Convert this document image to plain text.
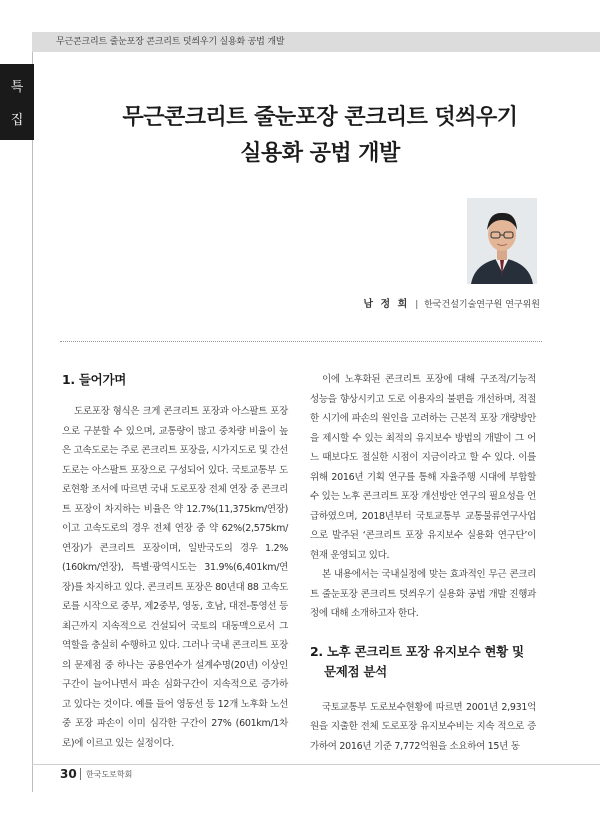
무근콘크리트 줄눈포장 콘크리트 덧씌우기 실용화 공법 개발
특
집	무근콘크리트 줄눈포장 콘크리트 덧씌우기
실용화 공법 개발
남 정 희 | 한국건설기술연구원 연구위원
1. 들어가며

도로포장 형식은 크게 콘크리트 포장과 아스팔트 포장으로 구분할 수 있으며, 교통량이 많고 중차량 비율이 높은 고속도로는 주로 콘크리트 포장을, 시가지도로 및 간선도로는 아스팔트 포장으로 구성되어 있다. 국토교통부 도로현황 조서에 따르면 국내 도로포장 전체 연장 중 콘크리트 포장이 차지하는 비율은 약 12.7%(11,375km/연장)이고 고속도로의 경우 전체 연장 중 약 62%(2,575km/연장)가 콘크리트 포장이며, 일반국도의 경우 1.2%(160km/연장), 특별·광역시도는 31.9%(6,401km/연장)를 차지하고 있다. 콘크리트 포장은 80년대 88 고속도로를 시작으로 중부, 제2중부, 영동, 호남, 대전-통영선 등 최근까지 지속적으로 건설되어 국토의 대동맥으로서 그 역할을 충실히 수행하고 있다. 그러나 국내 콘크리트 포장의 문제점 중 하나는 공용연수가 설계수명(20년) 이상인 구간이 늘어나면서 파손 심화구간이 지속적으로 증가하고 있다는 것이다. 예를 들어 영동선 등 12개 노후화 노선 중 포장 파손이 이미 심각한 구간이 27% (601km/1차로)에 이르고 있는 실정이다.

이에 노후화된 콘크리트 포장에 대해 구조적/기능적 성능을 향상시키고 도로 이용자의 불편을 개선하며, 적절한 시기에 파손의 원인을 고려하는 근본적 포장 개량방안을 제시할 수 있는 최적의 유지보수 방법의 개발이 그 어느 때보다도 절실한 시점이 지금이라고 할 수 있다. 이를 위해 2016년 기획 연구를 통해 자율주행 시대에 부합할 수 있는 노후 콘크리트 포장 개선방안 연구의 필요성을 언급하였으며, 2018년부터 국토교통부 교통물류연구사업으로 발주된 ‘콘크리트 포장 유지보수 실용화 연구단’이 현재 운영되고 있다.

본 내용에서는 국내실정에 맞는 효과적인 무근 콘크리트 줄눈포장 콘크리트 덧씌우기 실용화 공법 개발 진행과정에 대해 소개하고자 한다.

2. 노후 콘크리트 포장 유지보수 현황 및
문제점 분석

국토교통부 도로보수현황에 따르면 2001년 2,931억원을 지출한 전체 도로포장 유지보수비는 지속 적으로 증가하여 2016년 기준 7,772억원을 소요하여 15년 동

30 한국도로학회
